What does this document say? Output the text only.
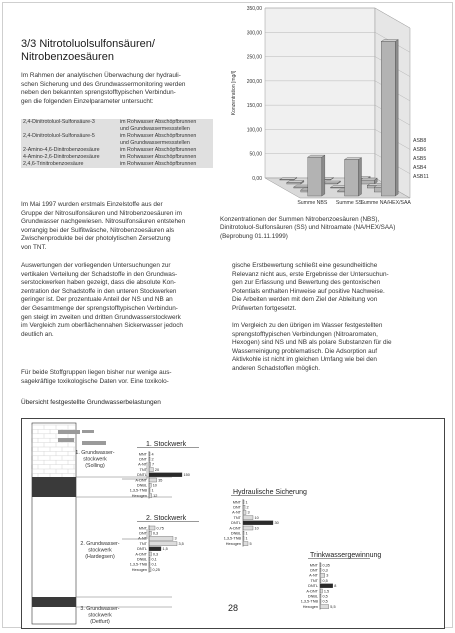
3/3 Nitrotoluolsulfonsäuren/
Nitrobenzoesäuren
Im Rahmen der analytischen Überwachung der hydrauli-
schen Sicherung und des Grundwassermonitoring werden
neben den bekannten sprengstofftypischen Verbindun-
gen die folgenden Einzelparameter untersucht:
2,4-Dinitrotoluol-Sulfonsäure-3	im Rohwasser Abschöpfbrunnen
und Grundwassermessstellen
2,4-Dinitrotoluol-Sulfonsäure-5	im Rohwasser Abschöpfbrunnen
und Grundwassermessstellen
2-Amino-4,6-Dinitrobenzoesäure	im Rohwasser Abschöpfbrunnen
4-Amino-2,6-Dinitrobenzoesäure	im Rohwasser Abschöpfbrunnen
2,4,6-Trinitrobenzoesäure	im Rohwasser Abschöpfbrunnen
Im Mai 1997 wurden erstmals Einzelstoffe aus der
Gruppe der Nitrosulfonsäuren und Nitrobenzoesäuren im
Grundwasser nachgewiesen. Nitrosulfonsäuren entstehen
vorrangig bei der Sulfitwäsche, Nitrobenzoesäuren als
Zwischenprodukte bei der photolytischen Zersetzung
von TNT.
Auswertungen der vorliegenden Untersuchungen zur
vertikalen Verteilung der Schadstoffe in den Grundwas-
serstockwerken haben gezeigt, dass die absolute Kon-
zentration der Schadstoffe in den unteren Stockwerken
geringer ist. Der prozentuale Anteil der NS und NB an
der Gesamtmenge der sprengstofftypischen Verbindun-
gen steigt im zweiten und dritten Grundwasserstockwerk
im Vergleich zum oberflächennahen Sickerwasser jedoch
deutlich an.
Für beide Stoffgruppen liegen bisher nur wenige aus-
sagekräftige toxikologische Daten vor. Eine toxikolo-
0,00
50,00
100,00
150,00
200,00
250,00
300,00
350,00
Konzentration [mg/l]
ASB8
ASB6
ASB5
ASB4
ASB11
Summe NBS Summe SS
Summe NA/HEX/SAA
Konzentrationen der Summen Nitrobenzoesäuren (NBS),
Dinitrotoluol-Sulfonsäuren (SS) und Nitroamate (NA/HEX/SAA)
(Beprobung 01.11.1999)
gische Erstbewertung schließt eine gesundheitliche
Relevanz nicht aus, erste Ergebnisse der Untersuchun-
gen zur Erfassung und Bewertung des gentoxischen
Potentials enthalten Hinweise auf positive Nachweise.
Die Arbeiten werden mit dem Ziel der Ableitung von
Prüfwerten fortgesetzt.
Im Vergleich zu den übrigen im Wasser festgestellten
sprengstofftypischen Verbindungen (Nitroaromaten,
Hexogen) sind NS und NB als polare Substanzen für die
Wasserreinigung problematisch. Die Adsorption auf
Aktivkohle ist nicht im gleichen Umfang wie bei den
anderen Schadstoffen möglich.
Übersicht festgestellte Grundwasserbelastungen
1. Grundwasser-
stockwerk
(Solling)
2. Grundwasser-
stockwerk
(Hardegsen)
3. Grundwasser-
stockwerk
(Detfurt)
1. Stockwerk
MNT 4
DNT 2
A-NT 7
TNT 20
DNTL	150
A-DNT	35
DNBL 10
1,3,5-TNB 1
Hexogen 12
2. Stockwerk
MNT	0,75
DNT 0,3
A-NT	3
TNT	3,5
DNTL	1,5
A-DNT 0,3
DNBL 0,1
1,3,5-TNB 0,1
Hexogen 0,25
Hydraulische Sicherung
MNT 1
DNT 2
A-NT 3
TNT	10
DNTL	30
A-DNT	10
DNBL 1
1,3,5-TNB 1
Hexogen 5
Trinkwassergewinnung
MNT 0,35
DNT 0,3
A-NT 3
TNT 0,5
DNTL	8
A-DNT 1,5
DNBL 0,5
1,3,5-TNB 0,5
Hexogen	5,5
28
